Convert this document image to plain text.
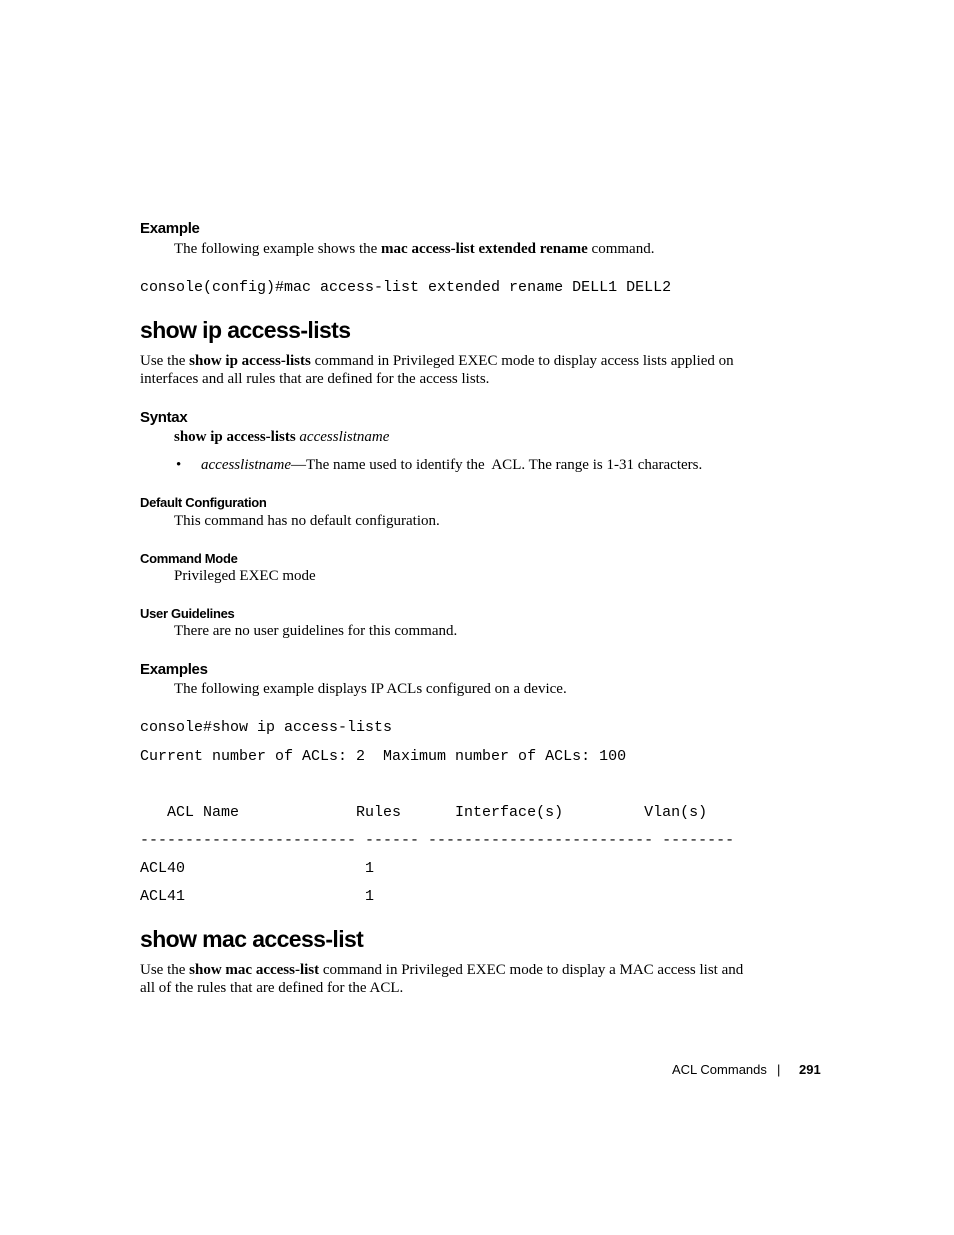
Example
The following example shows the mac access-list extended rename command.
console(config)#mac access-list extended rename DELL1 DELL2
show ip access-lists
Use the show ip access-lists command in Privileged EXEC mode to display access lists applied on
interfaces and all rules that are defined for the access lists.
Syntax
show ip access-lists accesslistname
• accesslistname—The name used to identify the  ACL. The range is 1-31 characters.
Default Configuration
This command has no default configuration.
Command Mode
Privileged EXEC mode
User Guidelines
There are no user guidelines for this command.
Examples
The following example displays IP ACLs configured on a device.
console#show ip access-lists
Current number of ACLs: 2  Maximum number of ACLs: 100
ACL Name             Rules      Interface(s)         Vlan(s)
------------------------ ------ ------------------------- --------
ACL40                    1
ACL41                    1
show mac access-list
Use the show mac access-list command in Privileged EXEC mode to display a MAC access list and
all of the rules that are defined for the ACL.
ACL Commands | 291
